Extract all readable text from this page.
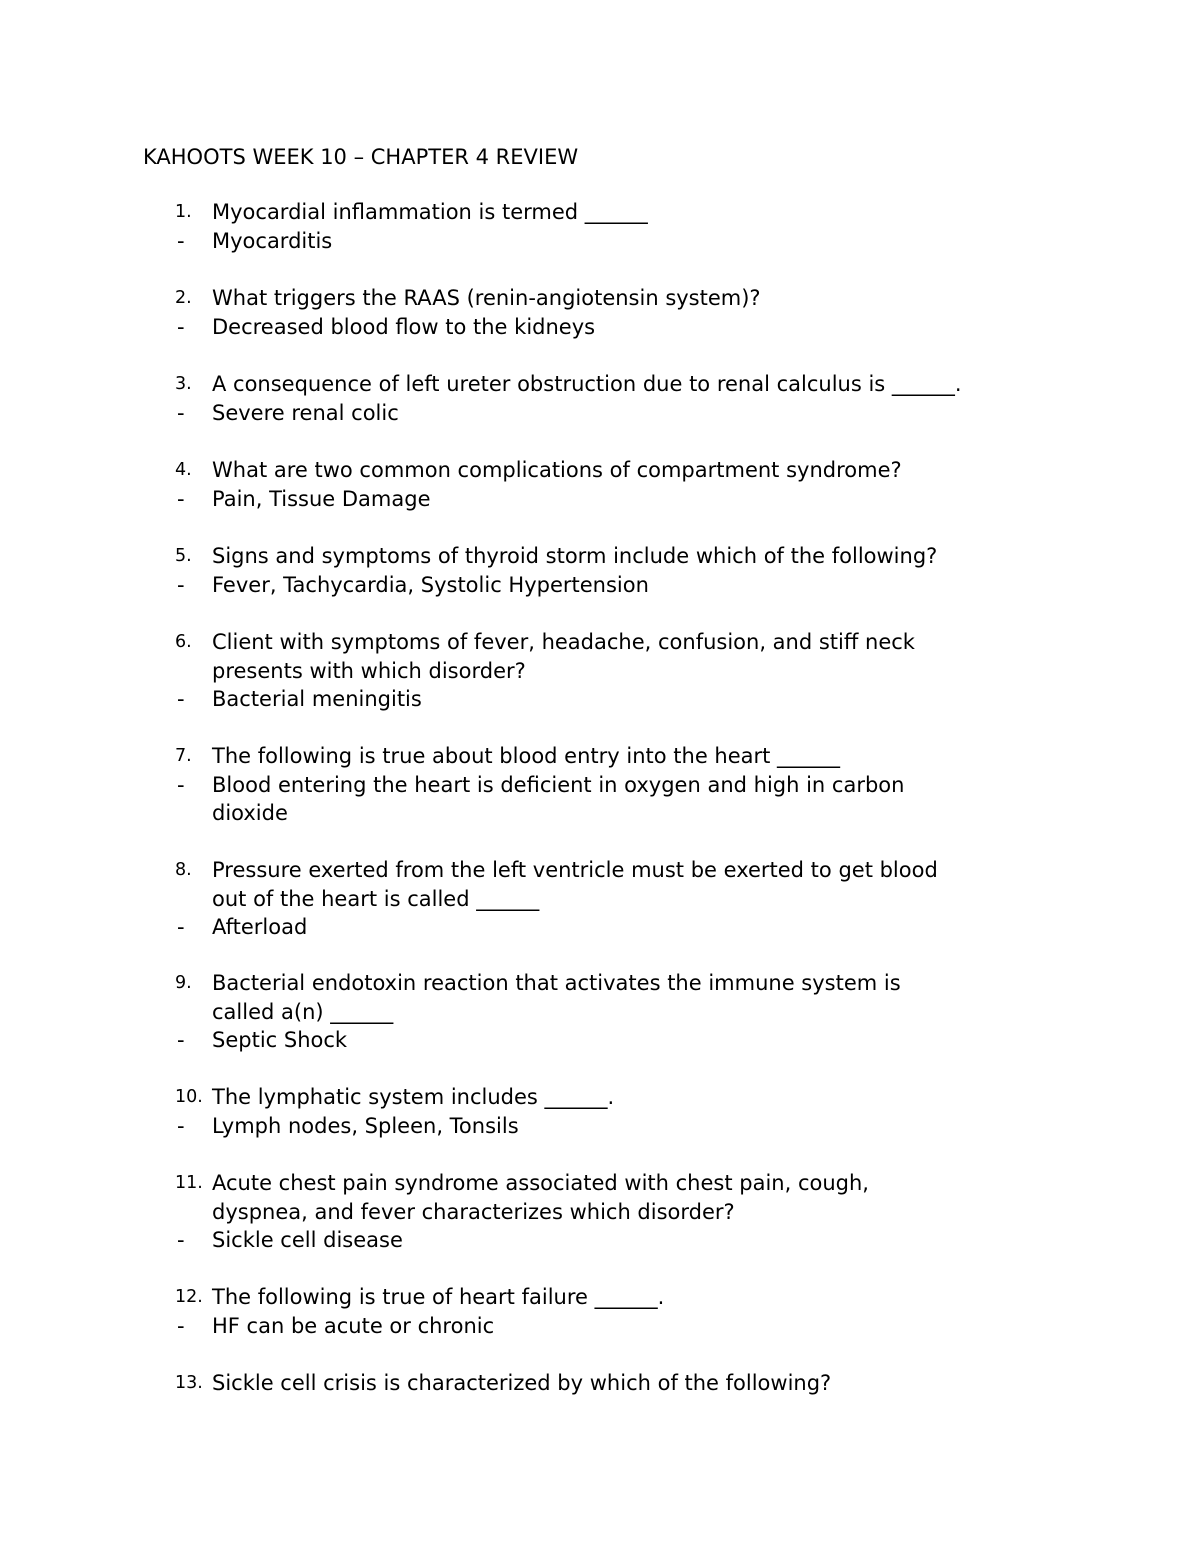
KAHOOTS WEEK 10 – CHAPTER 4 REVIEW
1. Myocardial inflammation is termed ______
- Myocarditis
2. What triggers the RAAS (renin-angiotensin system)?
- Decreased blood flow to the kidneys
3. A consequence of left ureter obstruction due to renal calculus is ______.
- Severe renal colic
4. What are two common complications of compartment syndrome?
- Pain, Tissue Damage
5. Signs and symptoms of thyroid storm include which of the following?
- Fever, Tachycardia, Systolic Hypertension
6. Client with symptoms of fever, headache, confusion, and stiff neck
presents with which disorder?
- Bacterial meningitis
7. The following is true about blood entry into the heart ______
- Blood entering the heart is deficient in oxygen and high in carbon
dioxide
8. Pressure exerted from the left ventricle must be exerted to get blood
out of the heart is called ______
- Afterload
9. Bacterial endotoxin reaction that activates the immune system is
called a(n) ______
- Septic Shock
10. The lymphatic system includes ______.
- Lymph nodes, Spleen, Tonsils
11. Acute chest pain syndrome associated with chest pain, cough,
dyspnea, and fever characterizes which disorder?
- Sickle cell disease
12. The following is true of heart failure ______.
- HF can be acute or chronic
13. Sickle cell crisis is characterized by which of the following?
